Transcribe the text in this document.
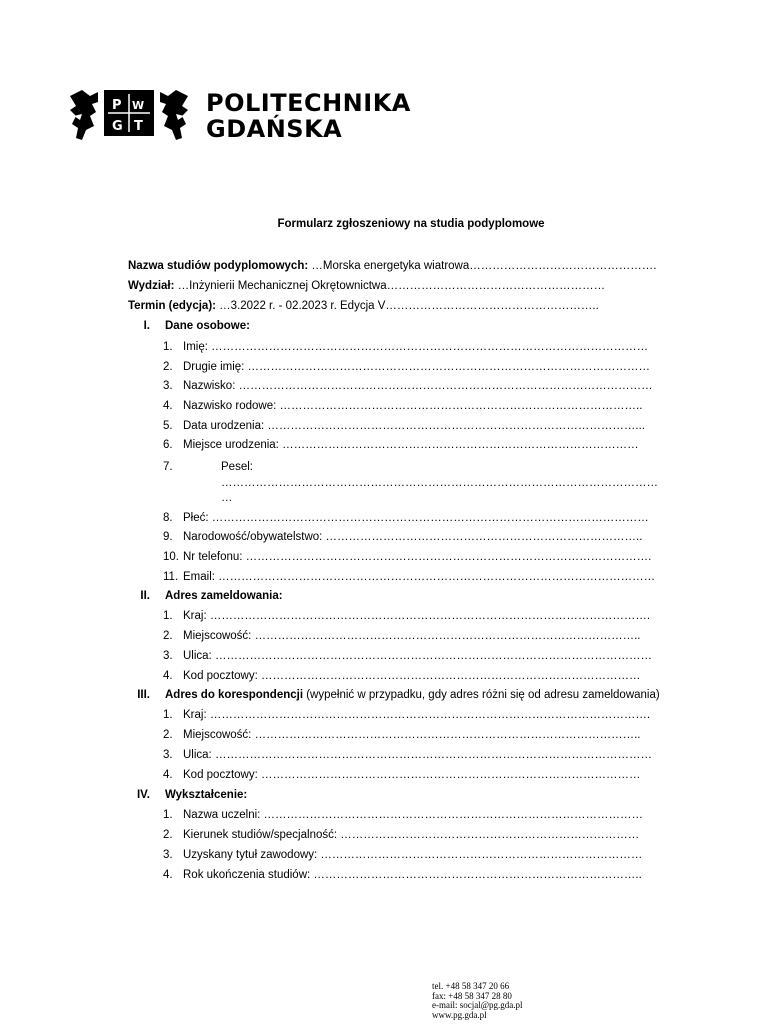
P
G
W
T
POLITECHNIKA
GDAŃSKA
Formularz zgłoszeniowy na studia podyplomowe
Nazwa studiów podyplomowych: …Morska energetyka wiatrowa………………………………………….
Wydział: …Inżynierii Mechanicznej Okrętownictwa…………………………………………………
Termin (edycja): …3.2022 r. - 02.2023 r. Edycja V………………………………………………..
I. Dane osobowe:
1. Imię: ……………………………………………………………………………………………………
2. Drugie imię: ……………………………………………………………………………………………
3. Nazwisko: ………………………………………………………………………………………………
4. Nazwisko rodowe: …………………………………………………………………………………..
5. Data urodzenia: ……………………………………………………………………………………...
6. Miejsce urodzenia: …………………………………………………………………………………
7.	Pesel:
……………………………………………………………………………………………………
…
8. Płeć: ……………………………………………………………………………………………………
9. Narodowość/obywatelstwo: ………………………………………………………………………..
10. Nr telefonu: …………………………………………………………………………………………….
11. Email: ……………………………………………………………………………………………………
II. Adres zameldowania:
1. Kraj: …………………………………………………………………………………………………….
2. Miejscowość: ………………………………………………………………………………………..
3. Ulica: ……………………………………………………………………………………………………
4. Kod pocztowy: ………………………………………………………………………………………
III. Adres do korespondencji (wypełnić w przypadku, gdy adres różni się od adresu zameldowania)
1. Kraj: …………………………………………………………………………………………………….
2. Miejscowość: ………………………………………………………………………………………..
3. Ulica: ……………………………………………………………………………………………………
4. Kod pocztowy: ………………………………………………………………………………………
IV. Wykształcenie:
1. Nazwa uczelni: ………………………………………………………………………………………
2. Kierunek studiów/specjalność: ……………………………………………………………………
3. Uzyskany tytuł zawodowy: …………………………………………………………………………
4. Rok ukończenia studiów: …………………………………………………………………………..
tel. +48 58 347 20 66
fax: +48 58 347 28 80
e-mail: socjal@pg.gda.pl
www.pg.gda.pl
